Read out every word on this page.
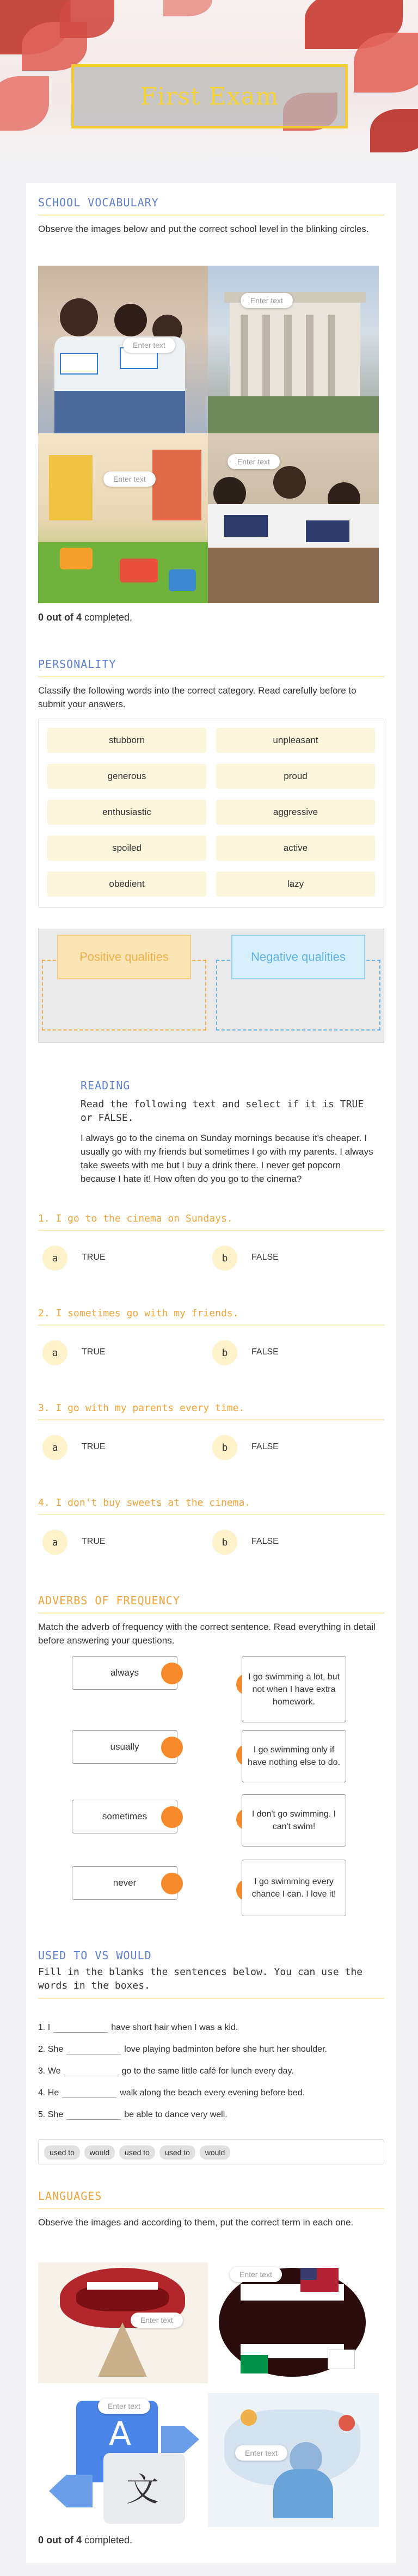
First Exam
SCHOOL VOCABULARY
Observe the images below and put the correct school level in the blinking circles.
Enter text
Enter text
Enter text
Enter text
0 out of 4 completed.
PERSONALITY
Classify the following words into the correct category. Read carefully before to submit your answers.
stubborn	unpleasant
generous	proud
enthusiastic	aggressive
spoiled	active
obedient	lazy
Positive qualities	Negative qualities
READING
Read the following text and select if it is TRUE or FALSE.
I always go to the cinema on Sunday mornings because it's cheaper. I usually go with my friends but sometimes I go with my parents. I always take sweets with me but I buy a drink there. I never get popcorn because I hate it! How often do you go to the cinema?
1. I go to the cinema on Sundays.
a	TRUE	b	FALSE
2. I sometimes go with my friends.
a	TRUE	b	FALSE
3. I go with my parents every time.
a	TRUE	b	FALSE
4. I don't buy sweets at the cinema.
a	TRUE	b	FALSE
ADVERBS OF FREQUENCY
Match the adverb of frequency with the correct sentence. Read everything in detail before answering your questions.
always	I go swimming a lot, but not when I have extra homework.
usually	I go swimming only if have nothing else to do.
sometimes	I don't go swimming. I can't swim!
never	I go swimming every chance I can. I love it!
USED TO VS WOULD
Fill in the blanks the sentences below. You can use the words in the boxes.
1. I	have short hair when I was a kid.
2. She	love playing badminton before she hurt her shoulder.
3. We	go to the same little café for lunch every day.
4. He	walk along the beach every evening before bed.
5. She	be able to dance very well.
used to	would	used to	used to	would
LANGUAGES
Observe the images and according to them, put the correct term in each one.
Enter text
Enter text
A
文
Enter text
Enter text
0 out of 4 completed.
